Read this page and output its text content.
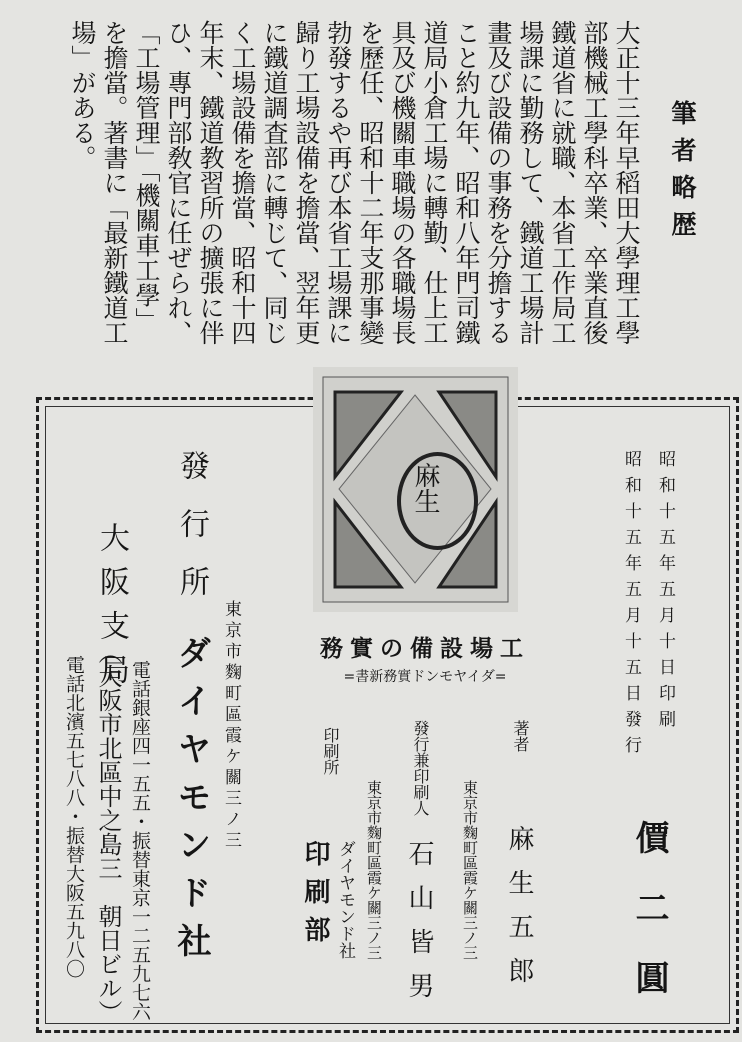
筆者略歴
大正十三年早稻田大學理工學部機械工學科卒業、卒業直後鐵道省に就職、本省工作局工場課に勤務して、鐵道工場計畫及び設備の事務を分擔すること約九年、昭和八年門司鐵道局小倉工場に轉勤、仕上工具及び機關車職場の各職場長を歷任、昭和十二年支那事變勃發するや再び本省工場課に歸り工場設備を擔當、翌年更に鐵道調査部に轉じて、同じく工場設備を擔當、昭和十四年末、鐵道教習所の擴張に伴ひ、專門部敎官に任ぜられ、「工場管理」「機關車工學」を擔當。著書に「最新鐵道工場」がある。
麻生	昭和十五年五月十日印刷
昭和十五年五月十五日發行
價二圓
工場設備の實務
=ダイヤモンド實務新書=
著者
東京市麴町區霞ケ關三ノ三 麻生五郎
發行兼印刷人
東京市麴町區霞ケ關三ノ三 石山皆男
ダイヤモンド社
印刷所
印刷部
發行所
東京市麴町區霞ケ關三ノ三
ダイヤモンド社
電話銀座四一五五・振替東京一二五九七六
大阪支局
（大阪市北區中之島三　朝日ビル）
電話北濱五七八八・振替大阪五九八〇
